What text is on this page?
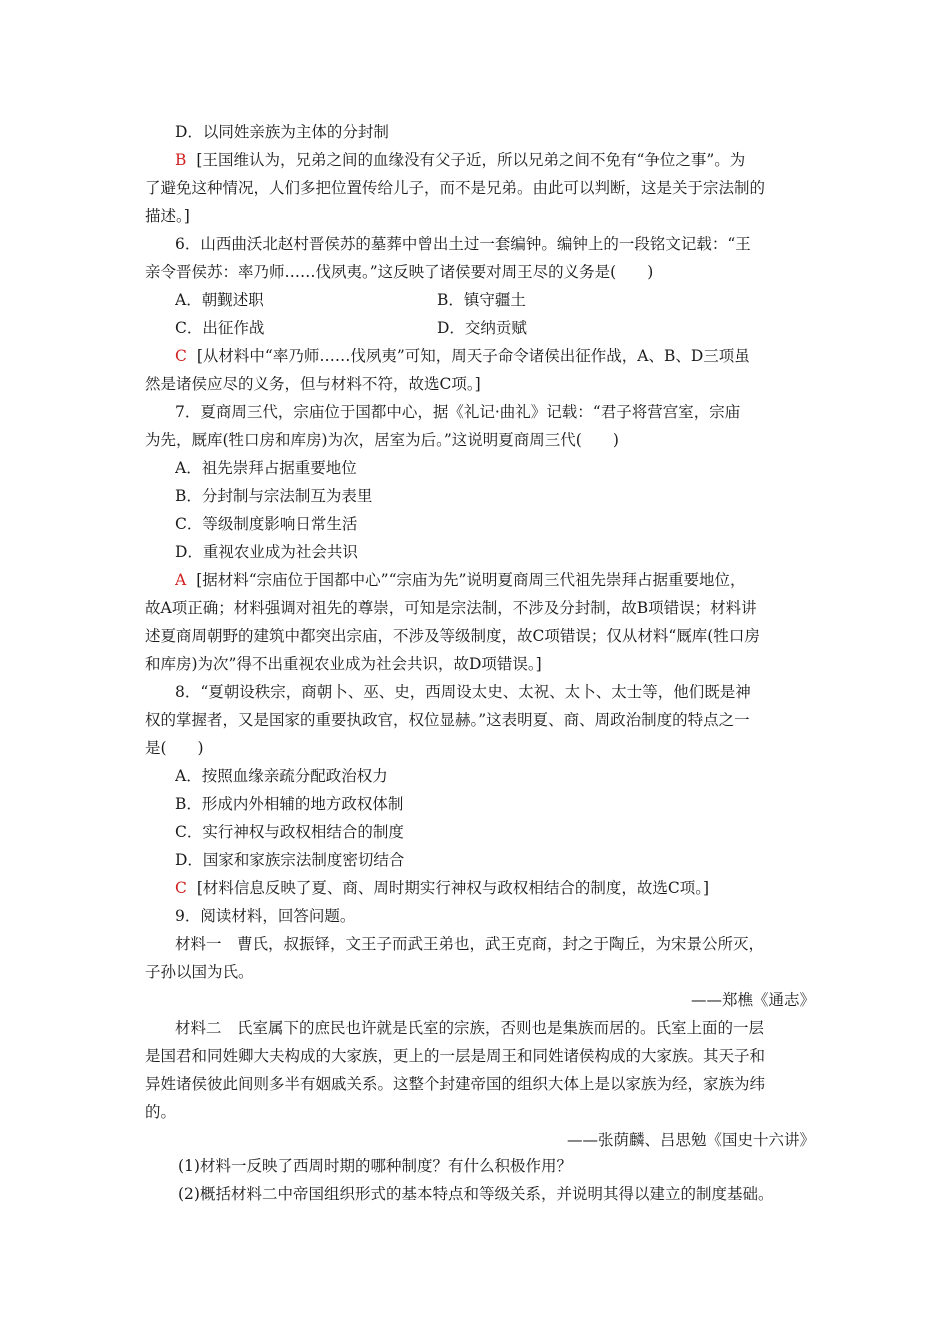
D．以同姓亲族为主体的分封制
B [王国维认为，兄弟之间的血缘没有父子近，所以兄弟之间不免有“争位之事”。为
了避免这种情况，人们多把位置传给儿子，而不是兄弟。由此可以判断，这是关于宗法制的
描述。]
6．山西曲沃北赵村晋侯苏的墓葬中曾出土过一套编钟。编钟上的一段铭文记载：“王
亲令晋侯苏：率乃师……伐夙夷。”这反映了诸侯要对周王尽的义务是(　　)
A．朝觐述职	B．镇守疆土
C．出征作战	D．交纳贡赋
C [从材料中“率乃师……伐夙夷”可知，周天子命令诸侯出征作战，A、B、D三项虽
然是诸侯应尽的义务，但与材料不符，故选C项。]
7．夏商周三代，宗庙位于国都中心，据《礼记·曲礼》记载：“君子将营宫室，宗庙
为先，厩库(牲口房和库房)为次，居室为后。”这说明夏商周三代(　　)
A．祖先崇拜占据重要地位
B．分封制与宗法制互为表里
C．等级制度影响日常生活
D．重视农业成为社会共识
A [据材料“宗庙位于国都中心”“宗庙为先”说明夏商周三代祖先崇拜占据重要地位，
故A项正确；材料强调对祖先的尊崇，可知是宗法制，不涉及分封制，故B项错误；材料讲
述夏商周朝野的建筑中都突出宗庙，不涉及等级制度，故C项错误；仅从材料“厩库(牲口房
和库房)为次”得不出重视农业成为社会共识，故D项错误。]
8．“夏朝设秩宗，商朝卜、巫、史，西周设太史、太祝、太卜、太士等，他们既是神
权的掌握者，又是国家的重要执政官，权位显赫。”这表明夏、商、周政治制度的特点之一
是(　　)
A．按照血缘亲疏分配政治权力
B．形成内外相辅的地方政权体制
C．实行神权与政权相结合的制度
D．国家和家族宗法制度密切结合
C [材料信息反映了夏、商、周时期实行神权与政权相结合的制度，故选C项。]
9．阅读材料，回答问题。
材料一　曹氏，叔振铎，文王子而武王弟也，武王克商，封之于陶丘，为宋景公所灭，
子孙以国为氏。
——郑樵《通志》
材料二　氏室属下的庶民也许就是氏室的宗族，否则也是集族而居的。氏室上面的一层
是国君和同姓卿大夫构成的大家族，更上的一层是周王和同姓诸侯构成的大家族。其天子和
异姓诸侯彼此间则多半有姻戚关系。这整个封建帝国的组织大体上是以家族为经，家族为纬
的。
——张荫麟、吕思勉《国史十六讲》
(1)材料一反映了西周时期的哪种制度？有什么积极作用？
(2)概括材料二中帝国组织形式的基本特点和等级关系，并说明其得以建立的制度基础。
